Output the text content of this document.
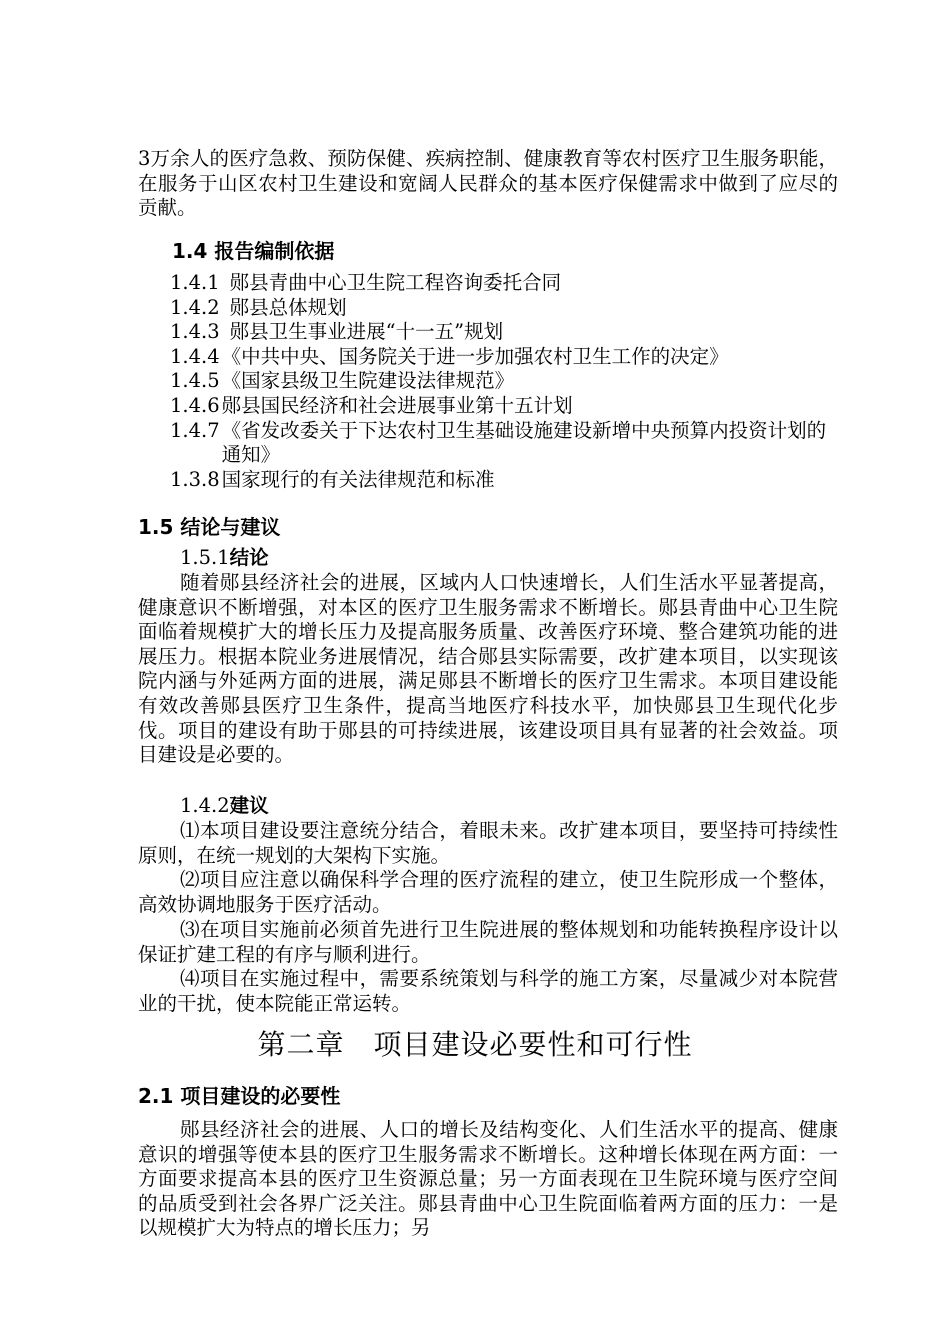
3万余人的医疗急救、预防保健、疾病控制、健康教育等农村医疗卫生服务职能，在服务于山区农村卫生建设和宽阔人民群众的基本医疗保健需求中做到了应尽的贡献。

1.4 报告编制依据
1.4.1 郧县青曲中心卫生院工程咨询委托合同
1.4.2 郧县总体规划
1.4.3 郧县卫生事业进展“十一五”规划
1.4.4 《中共中央、国务院关于进一步加强农村卫生工作的决定》
1.4.5 《国家县级卫生院建设法律规范》
1.4.6 郧县国民经济和社会进展事业第十五计划
1.4.7 《省发改委关于下达农村卫生基础设施建设新增中央预算内投资计划的通知》
1.3.8 国家现行的有关法律规范和标准
1.5 结论与建议
1.5.1结论

随着郧县经济社会的进展，区域内人口快速增长，人们生活水平显著提高，健康意识不断增强，对本区的医疗卫生服务需求不断增长。郧县青曲中心卫生院面临着规模扩大的增长压力及提高服务质量、改善医疗环境、整合建筑功能的进展压力。根据本院业务进展情况，结合郧县实际需要，改扩建本项目，以实现该院内涵与外延两方面的进展，满足郧县不断增长的医疗卫生需求。本项目建设能有效改善郧县医疗卫生条件，提高当地医疗科技水平，加快郧县卫生现代化步伐。项目的建设有助于郧县的可持续进展，该建设项目具有显著的社会效益。项目建设是必要的。

1.4.2建议

⑴本项目建设要注意统分结合，着眼未来。改扩建本项目，要坚持可持续性原则，在统一规划的大架构下实施。

⑵项目应注意以确保科学合理的医疗流程的建立，使卫生院形成一个整体，高效协调地服务于医疗活动。

⑶在项目实施前必须首先进行卫生院进展的整体规划和功能转换程序设计以保证扩建工程的有序与顺利进行。

⑷项目在实施过程中，需要系统策划与科学的施工方案，尽量减少对本院营业的干扰，使本院能正常运转。

第二章　项目建设必要性和可行性
2.1 项目建设的必要性

郧县经济社会的进展、人口的增长及结构变化、人们生活水平的提高、健康意识的增强等使本县的医疗卫生服务需求不断增长。这种增长体现在两方面：一方面要求提高本县的医疗卫生资源总量；另一方面表现在卫生院环境与医疗空间的品质受到社会各界广泛关注。郧县青曲中心卫生院面临着两方面的压力：一是以规模扩大为特点的增长压力；另
